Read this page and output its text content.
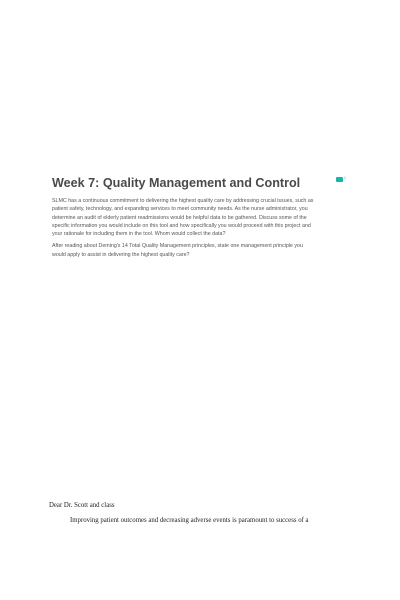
Week 7: Quality Management and Control	1

SLMC has a continuous commitment to delivering the highest quality care by addressing crucial issues, such as
patient safety, technology, and expanding services to meet community needs. As the nurse administrator, you
determine an audit of elderly patient readmissions would be helpful data to be gathered. Discuss some of the
specific information you would include on this tool and how specifically you would proceed with this project and
your rationale for including them in the tool. Whom would collect the data?

After reading about Deming's 14 Total Quality Management principles, state one management principle you
would apply to assist in delivering the highest quality care?

Dear Dr. Scott and class
Improving patient outcomes and decreasing adverse events is paramount to success of a
